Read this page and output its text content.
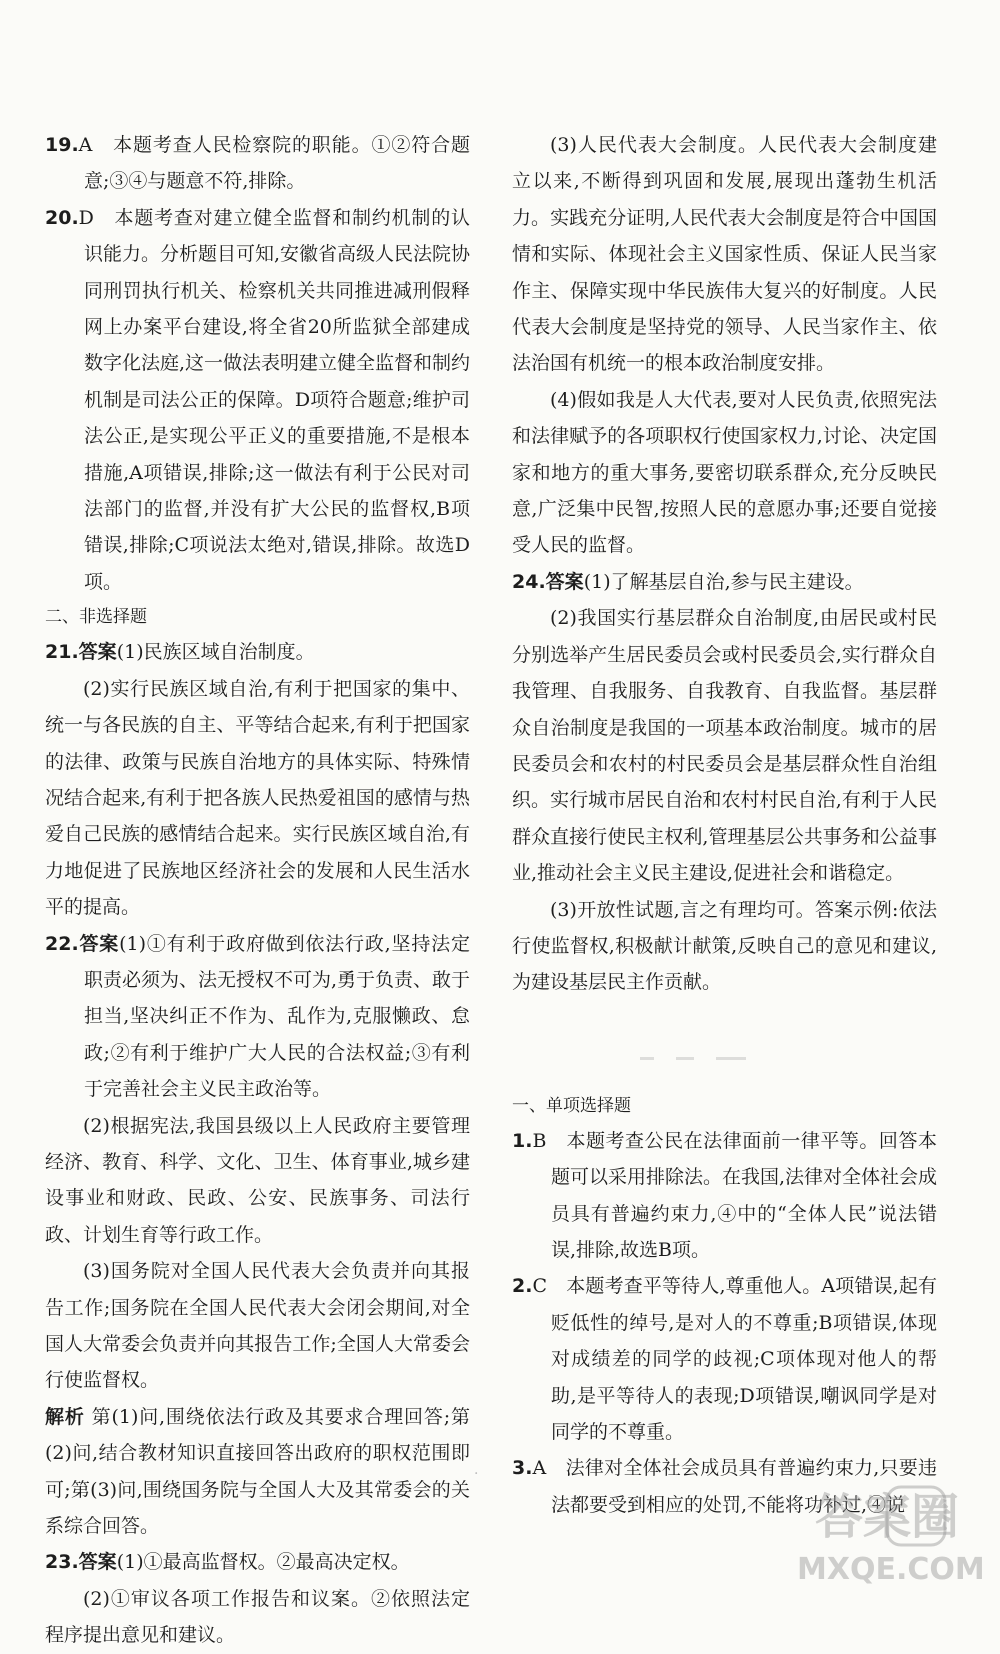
19.A　本题考查人民检察院的职能。①②符合题意;③④与题意不符,排除。

20.D　本题考查对建立健全监督和制约机制的认识能力。分析题目可知,安徽省高级人民法院协同刑罚执行机关、检察机关共同推进减刑假释网上办案平台建设,将全省20所监狱全部建成数字化法庭,这一做法表明建立健全监督和制约机制是司法公正的保障。D项符合题意;维护司法公正,是实现公平正义的重要措施,不是根本措施,A项错误,排除;这一做法有利于公民对司法部门的监督,并没有扩大公民的监督权,B项错误,排除;C项说法太绝对,错误,排除。故选D项。

二、非选择题

21.答案(1)民族区域自治制度。

(2)实行民族区域自治,有利于把国家的集中、统一与各民族的自主、平等结合起来,有利于把国家的法律、政策与民族自治地方的具体实际、特殊情况结合起来,有利于把各族人民热爱祖国的感情与热爱自己民族的感情结合起来。实行民族区域自治,有力地促进了民族地区经济社会的发展和人民生活水平的提高。

22.答案(1)①有利于政府做到依法行政,坚持法定职责必须为、法无授权不可为,勇于负责、敢于担当,坚决纠正不作为、乱作为,克服懒政、怠政;②有利于维护广大人民的合法权益;③有利于完善社会主义民主政治等。

(2)根据宪法,我国县级以上人民政府主要管理经济、教育、科学、文化、卫生、体育事业,城乡建设事业和财政、民政、公安、民族事务、司法行政、计划生育等行政工作。

(3)国务院对全国人民代表大会负责并向其报告工作;国务院在全国人民代表大会闭会期间,对全国人大常委会负责并向其报告工作;全国人大常委会行使监督权。

解析 第(1)问,围绕依法行政及其要求合理回答;第(2)问,结合教材知识直接回答出政府的职权范围即可;第(3)问,围绕国务院与全国人大及其常委会的关系综合回答。

23.答案(1)①最高监督权。②最高决定权。

(2)①审议各项工作报告和议案。②依照法定程序提出意见和建议。

(3)人民代表大会制度。人民代表大会制度建立以来,不断得到巩固和发展,展现出蓬勃生机活力。实践充分证明,人民代表大会制度是符合中国国情和实际、体现社会主义国家性质、保证人民当家作主、保障实现中华民族伟大复兴的好制度。人民代表大会制度是坚持党的领导、人民当家作主、依法治国有机统一的根本政治制度安排。

(4)假如我是人大代表,要对人民负责,依照宪法和法律赋予的各项职权行使国家权力,讨论、决定国家和地方的重大事务,要密切联系群众,充分反映民意,广泛集中民智,按照人民的意愿办事;还要自觉接受人民的监督。

24.答案(1)了解基层自治,参与民主建设。

(2)我国实行基层群众自治制度,由居民或村民分别选举产生居民委员会或村民委员会,实行群众自我管理、自我服务、自我教育、自我监督。基层群众自治制度是我国的一项基本政治制度。城市的居民委员会和农村的村民委员会是基层群众性自治组织。实行城市居民自治和农村村民自治,有利于人民群众直接行使民主权利,管理基层公共事务和公益事业,推动社会主义民主建设,促进社会和谐稳定。

(3)开放性试题,言之有理均可。答案示例:依法行使监督权,积极献计献策,反映自己的意见和建议,为建设基层民主作贡献。

一、单项选择题

1.B　本题考查公民在法律面前一律平等。回答本题可以采用排除法。在我国,法律对全体社会成员具有普遍约束力,④中的“全体人民”说法错误,排除,故选B项。

2.C　本题考查平等待人,尊重他人。A项错误,起有贬低性的绰号,是对人的不尊重;B项错误,体现对成绩差的同学的歧视;C项体现对他人的帮助,是平等待人的表现;D项错误,嘲讽同学是对同学的不尊重。

3.A　法律对全体社会成员具有普遍约束力,只要违法都要受到相应的处罚,不能将功补过,④说

·
答案圈
MXQE.COM
